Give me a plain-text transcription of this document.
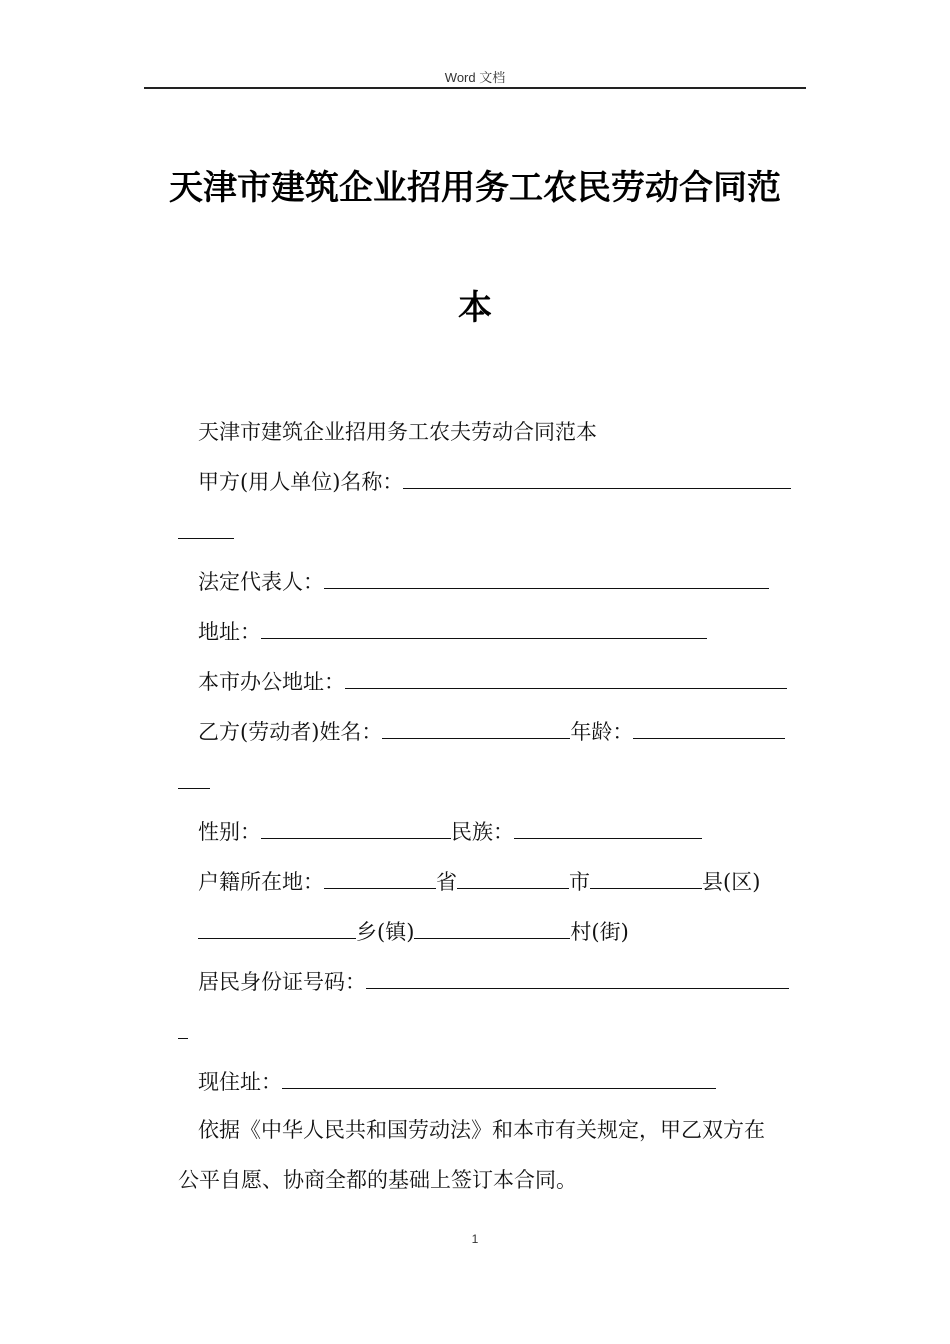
Word 文档
天津市建筑企业招用务工农民劳动合同范
本
天津市建筑企业招用务工农夫劳动合同范本
甲方(用人单位)名称：
法定代表人：
地址：
本市办公地址：
乙方(劳动者)姓名：	年龄：
性别：	民族：
户籍所在地：	省	市	县(区)
乡(镇)	村(街)
居民身份证号码：
现住址：
依据《中华人民共和国劳动法》和本市有关规定，甲乙双方在
公平自愿、协商全都的基础上签订本合同。
1
